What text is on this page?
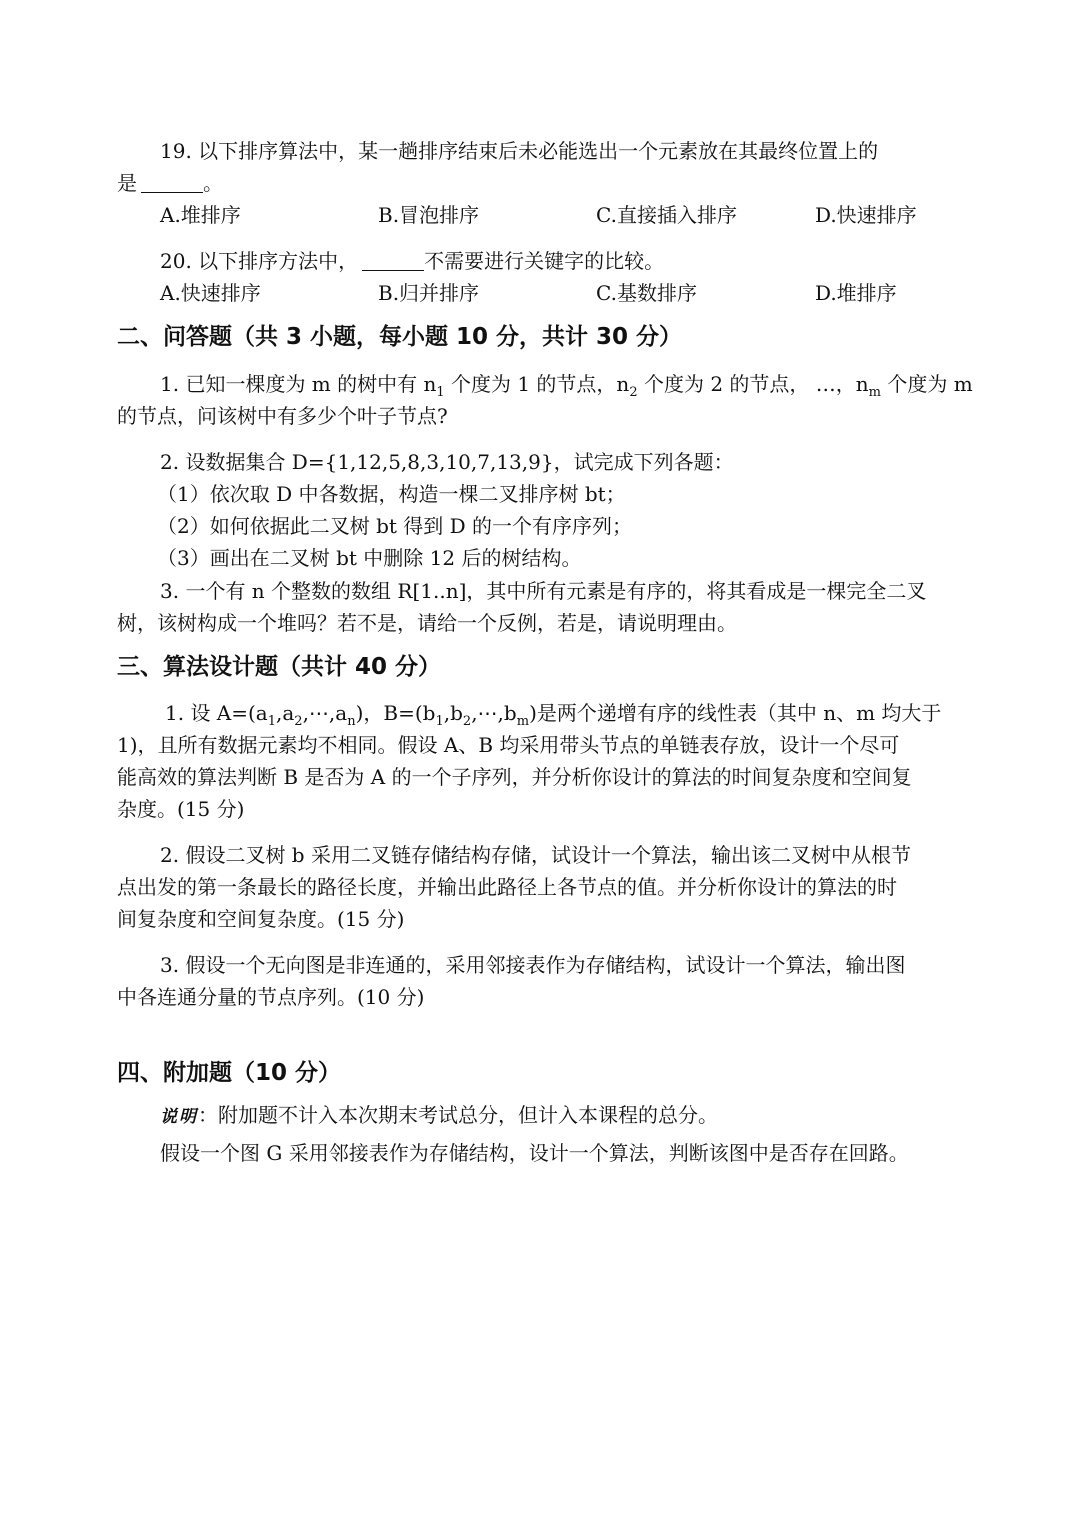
19. 以下排序算法中，某一趟排序结束后未必能选出一个元素放在其最终位置上的
是	。
A.堆排序	B.冒泡排序	C.直接插入排序	D.快速排序
20. 以下排序方法中，	不需要进行关键字的比较。
A.快速排序	B.归并排序	C.基数排序	D.堆排序
二、问答题（共 3 小题，每小题 10 分，共计 30 分）
1. 已知一棵度为 m 的树中有 $n_1$ 个度为 1 的节点，$n_2$ 个度为 2 的节点， …，$n_m$ 个度为 m
的节点，问该树中有多少个叶子节点?
2. 设数据集合 D={1,12,5,8,3,10,7,13,9}，试完成下列各题：
（1）依次取 D 中各数据，构造一棵二叉排序树 bt；
（2）如何依据此二叉树 bt 得到 D 的一个有序序列；
（3）画出在二叉树 bt 中删除 12 后的树结构。
3. 一个有 n 个整数的数组 R[1..n]，其中所有元素是有序的，将其看成是一棵完全二叉
树，该树构成一个堆吗？若不是，请给一个反例，若是，请说明理由。
三、算法设计题（共计 40 分）
1. 设 $A=(a_1,a_2,\cdots,a_n)$，$B=(b_1,b_2,\cdots,b_m)$是两个递增有序的线性表（其中 n、m 均大于
1)，且所有数据元素均不相同。假设 A、B 均采用带头节点的单链表存放，设计一个尽可
能高效的算法判断 B 是否为 A 的一个子序列，并分析你设计的算法的时间复杂度和空间复
杂度。(15 分)
2. 假设二叉树 b 采用二叉链存储结构存储，试设计一个算法，输出该二叉树中从根节
点出发的第一条最长的路径长度，并输出此路径上各节点的值。并分析你设计的算法的时
间复杂度和空间复杂度。(15 分)
3. 假设一个无向图是非连通的，采用邻接表作为存储结构，试设计一个算法，输出图
中各连通分量的节点序列。(10 分)
四、附加题（10 分）
说明：附加题不计入本次期末考试总分，但计入本课程的总分。
假设一个图 G 采用邻接表作为存储结构，设计一个算法，判断该图中是否存在回路。
